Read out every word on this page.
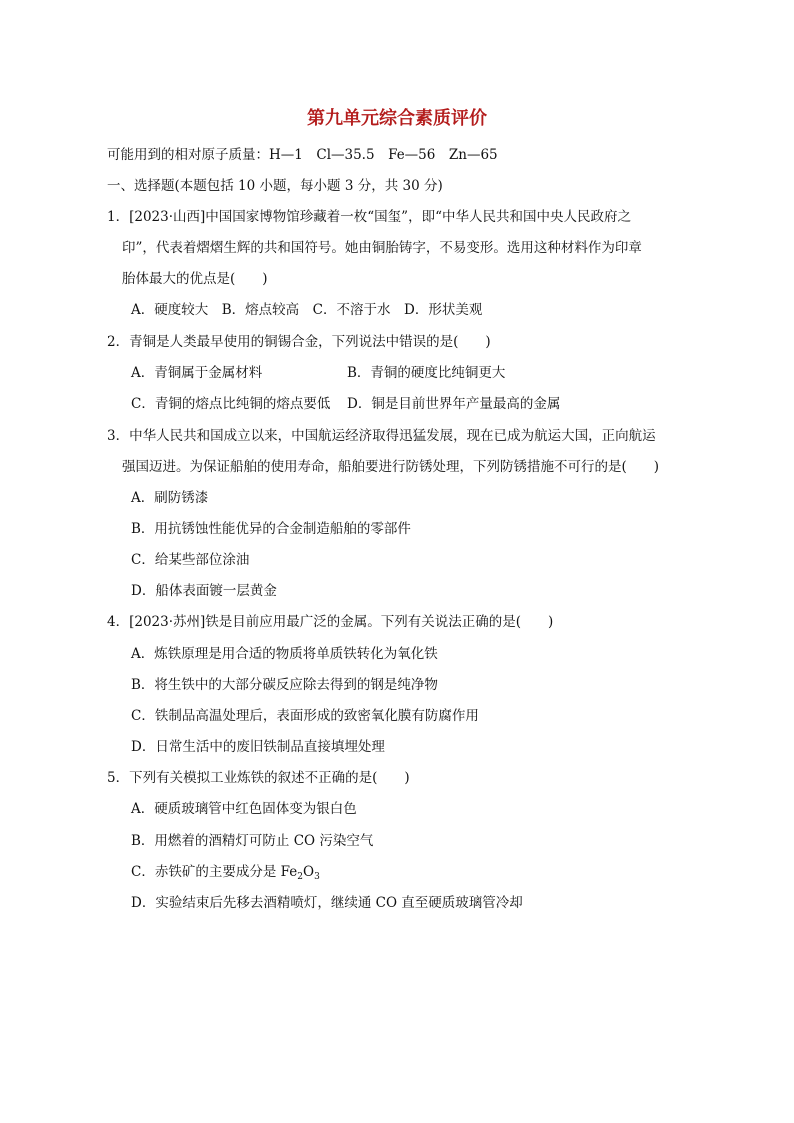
第九单元综合素质评价
可能用到的相对原子质量：H—1　Cl—35.5　Fe—56　Zn—65
一、选择题(本题包括 10 小题，每小题 3 分，共 30 分)
1．[2023·山西]中国国家博物馆珍藏着一枚“国玺”，即“中华人民共和国中央人民政府之
印”，代表着熠熠生辉的共和国符号。她由铜胎铸字，不易变形。选用这种材料作为印章
胎体最大的优点是(　　)
A．硬度较大　B．熔点较高　C．不溶于水　D．形状美观
2．青铜是人类最早使用的铜锡合金，下列说法中错误的是(　　)
A．青铜属于金属材料	B．青铜的硬度比纯铜更大
C．青铜的熔点比纯铜的熔点要低 D．铜是目前世界年产量最高的金属
3．中华人民共和国成立以来，中国航运经济取得迅猛发展，现在已成为航运大国，正向航运
强国迈进。为保证船舶的使用寿命，船舶要进行防锈处理，下列防锈措施不可行的是(　　)
A．刷防锈漆
B．用抗锈蚀性能优异的合金制造船舶的零部件
C．给某些部位涂油
D．船体表面镀一层黄金
4．[2023·苏州]铁是目前应用最广泛的金属。下列有关说法正确的是(　　)
A．炼铁原理是用合适的物质将单质铁转化为氧化铁
B．将生铁中的大部分碳反应除去得到的钢是纯净物
C．铁制品高温处理后，表面形成的致密氧化膜有防腐作用
D．日常生活中的废旧铁制品直接填埋处理
5．下列有关模拟工业炼铁的叙述不正确的是(　　)
A．硬质玻璃管中红色固体变为银白色
B．用燃着的酒精灯可防止 CO 污染空气
C．赤铁矿的主要成分是 $Fe_2O_3$
D．实验结束后先移去酒精喷灯，继续通 CO 直至硬质玻璃管冷却
